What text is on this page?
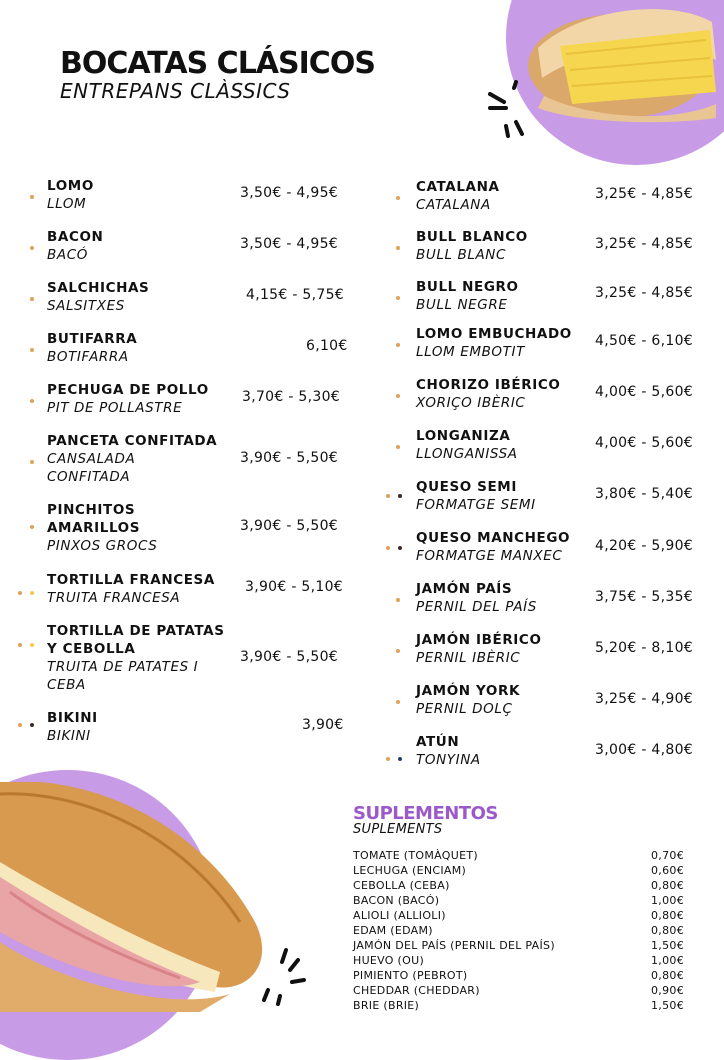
BOCATAS CLÁSICOS
ENTREPANS CLÀSSICS
LOMO
LLOM
3,50€ - 4,95€
BACON
BACÓ
3,50€ - 4,95€
SALCHICHAS
SALSITXES
4,15€ - 5,75€
BUTIFARRA
BOTIFARRA
6,10€
PECHUGA DE POLLO
PIT DE POLLASTRE
3,70€ - 5,30€
PANCETA CONFITADA
CANSALADA CONFITADA
3,90€ - 5,50€
PINCHITOS AMARILLOS
PINXOS GROCS
3,90€ - 5,50€
TORTILLA FRANCESA
TRUITA FRANCESA
3,90€ - 5,10€
TORTILLA DE PATATAS Y CEBOLLA
TRUITA DE PATATES I CEBA
3,90€ - 5,50€
BIKINI
BIKINI
3,90€
CATALANA
CATALANA
3,25€ - 4,85€
BULL BLANCO
BULL BLANC
3,25€ - 4,85€
BULL NEGRO
BULL NEGRE
3,25€ - 4,85€
LOMO EMBUCHADO
LLOM EMBOTIT
4,50€ - 6,10€
CHORIZO IBÉRICO
XORIÇO IBÈRIC
4,00€ - 5,60€
LONGANIZA
LLONGANISSA
4,00€ - 5,60€
QUESO SEMI
FORMATGE SEMI
3,80€ - 5,40€
QUESO MANCHEGO
FORMATGE MANXEC
4,20€ - 5,90€
JAMÓN PAÍS
PERNIL DEL PAÍS
3,75€ - 5,35€
JAMÓN IBÉRICO
PERNIL IBÈRIC
5,20€ - 8,10€
JAMÓN YORK
PERNIL DOLÇ
3,25€ - 4,90€
ATÚN
TONYINA
3,00€ - 4,80€
SUPLEMENTOS
SUPLEMENTS
TOMATE (TOMÀQUET)	0,70€
LECHUGA (ENCIAM)	0,60€
CEBOLLA (CEBA)	0,80€
BACON (BACÓ)	1,00€
ALIOLI (ALLIOLI)	0,80€
EDAM (EDAM)	0,80€
JAMÓN DEL PAÍS (PERNIL DEL PAÍS)	1,50€
HUEVO (OU)	1,00€
PIMIENTO (PEBROT)	0,80€
CHEDDAR (CHEDDAR)	0,90€
BRIE (BRIE)	1,50€
